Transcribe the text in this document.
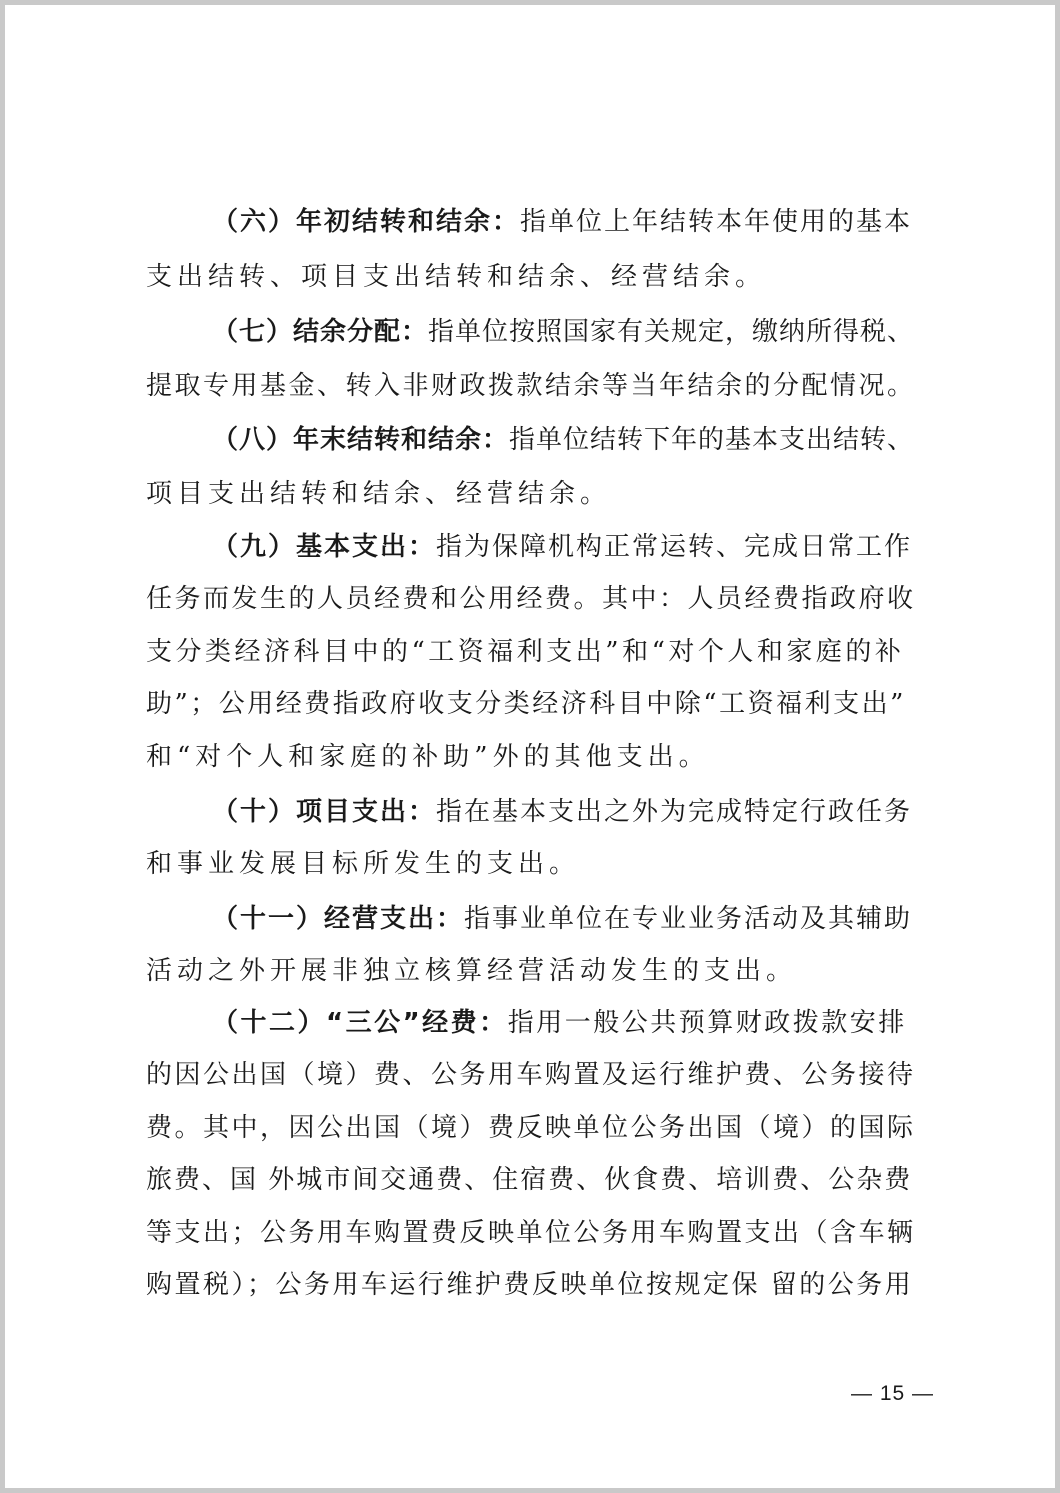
（六）年初结转和结余：指单位上年结转本年使用的基本
支出结转、项目支出结转和结余、经营结余。
（七）结余分配：指单位按照国家有关规定，缴纳所得税、
提取专用基金、转入非财政拨款结余等当年结余的分配情况。
（八）年末结转和结余：指单位结转下年的基本支出结转、
项目支出结转和结余、经营结余。
（九）基本支出：指为保障机构正常运转、完成日常工作
任务而发生的人员经费和公用经费。其中：人员经费指政府收
支分类经济科目中的“工资福利支出”和“对个人和家庭的补
助”；公用经费指政府收支分类经济科目中除“工资福利支出”
和“对个人和家庭的补助”外的其他支出。
（十）项目支出：指在基本支出之外为完成特定行政任务
和事业发展目标所发生的支出。
（十一）经营支出：指事业单位在专业业务活动及其辅助
活动之外开展非独立核算经营活动发生的支出。
（十二）“三公”经费：指用一般公共预算财政拨款安排
的因公出国（境）费、公务用车购置及运行维护费、公务接待
费。其中，因公出国（境）费反映单位公务出国（境）的国际
旅费、国 外城市间交通费、住宿费、伙食费、培训费、公杂费
等支出；公务用车购置费反映单位公务用车购置支出（含车辆
购置税）；公务用车运行维护费反映单位按规定保 留的公务用
— 15 —
